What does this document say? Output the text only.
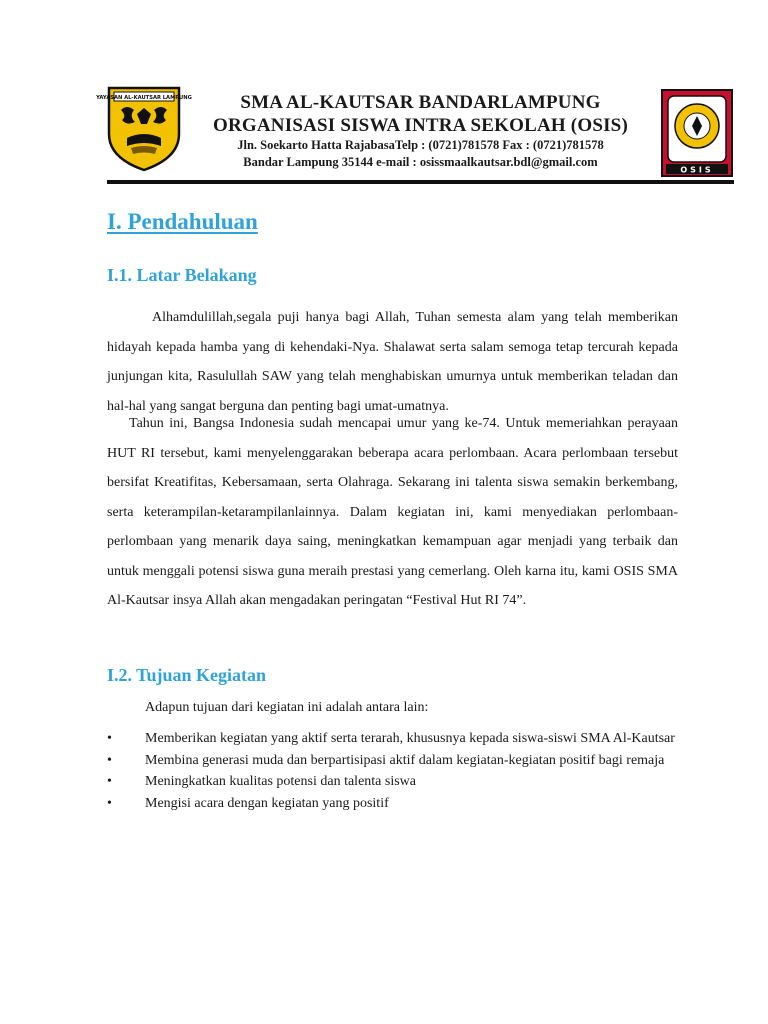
YAYASAN AL-KAUTSAR LAMPUNG	SMA AL-KAUTSAR BANDARLAMPUNG
ORGANISASI SISWA INTRA SEKOLAH (OSIS)
Jln. Soekarto Hatta RajabasaTelp : (0721)781578 Fax : (0721)781578
Bandar Lampung 35144 e-mail : osissmaalkautsar.bdl@gmail.com
OSIS
I. Pendahuluan
I.1. Latar Belakang
Alhamdulillah,segala puji hanya bagi Allah, Tuhan semesta alam yang telah memberikan hidayah kepada hamba yang di kehendaki-Nya. Shalawat serta salam semoga tetap tercurah kepada junjungan kita, Rasulullah SAW yang telah menghabiskan umurnya untuk memberikan teladan dan hal-hal yang sangat berguna dan penting bagi umat-umatnya.
Tahun ini, Bangsa Indonesia sudah mencapai umur yang ke-74. Untuk memeriahkan perayaan HUT RI tersebut, kami menyelenggarakan beberapa acara perlombaan. Acara perlombaan tersebut bersifat Kreatifitas, Kebersamaan, serta Olahraga. Sekarang ini talenta siswa semakin berkembang, serta keterampilan-ketarampilanlainnya. Dalam kegiatan ini, kami menyediakan perlombaan-perlombaan yang menarik daya saing, meningkatkan kemampuan agar menjadi yang terbaik dan untuk menggali potensi siswa guna meraih prestasi yang cemerlang. Oleh karna itu, kami OSIS SMA Al-Kautsar insya Allah akan mengadakan peringatan “Festival Hut RI 74”.
I.2. Tujuan Kegiatan
Adapun tujuan dari kegiatan ini adalah antara lain:
• Memberikan kegiatan yang aktif serta terarah, khususnya kepada siswa-siswi SMA Al-Kautsar
• Membina generasi muda dan berpartisipasi aktif dalam kegiatan-kegiatan positif bagi remaja
• Meningkatkan kualitas potensi dan talenta siswa
• Mengisi acara dengan kegiatan yang positif
